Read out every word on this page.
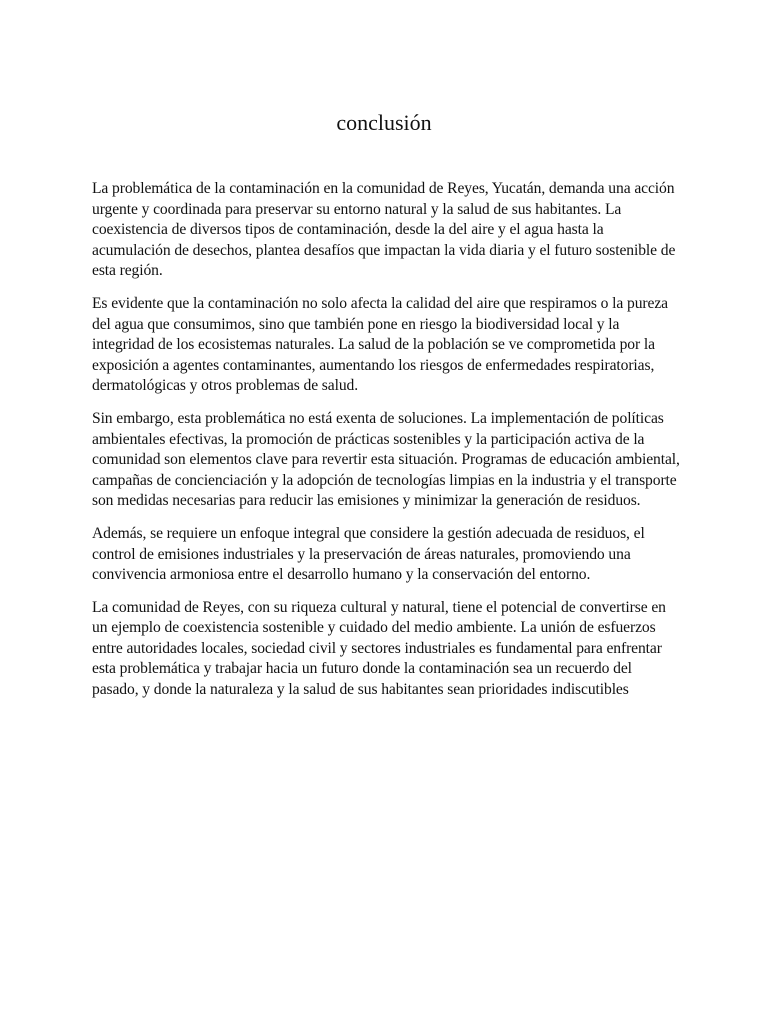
conclusión

La problemática de la contaminación en la comunidad de Reyes, Yucatán, demanda una acción urgente y coordinada para preservar su entorno natural y la salud de sus habitantes. La coexistencia de diversos tipos de contaminación, desde la del aire y el agua hasta la acumulación de desechos, plantea desafíos que impactan la vida diaria y el futuro sostenible de esta región.

Es evidente que la contaminación no solo afecta la calidad del aire que respiramos o la pureza del agua que consumimos, sino que también pone en riesgo la biodiversidad local y la integridad de los ecosistemas naturales. La salud de la población se ve comprometida por la exposición a agentes contaminantes, aumentando los riesgos de enfermedades respiratorias, dermatológicas y otros problemas de salud.

Sin embargo, esta problemática no está exenta de soluciones. La implementación de políticas ambientales efectivas, la promoción de prácticas sostenibles y la participación activa de la comunidad son elementos clave para revertir esta situación. Programas de educación ambiental, campañas de concienciación y la adopción de tecnologías limpias en la industria y el transporte son medidas necesarias para reducir las emisiones y minimizar la generación de residuos.

Además, se requiere un enfoque integral que considere la gestión adecuada de residuos, el control de emisiones industriales y la preservación de áreas naturales, promoviendo una convivencia armoniosa entre el desarrollo humano y la conservación del entorno.

La comunidad de Reyes, con su riqueza cultural y natural, tiene el potencial de convertirse en un ejemplo de coexistencia sostenible y cuidado del medio ambiente. La unión de esfuerzos entre autoridades locales, sociedad civil y sectores industriales es fundamental para enfrentar esta problemática y trabajar hacia un futuro donde la contaminación sea un recuerdo del pasado, y donde la naturaleza y la salud de sus habitantes sean prioridades indiscutibles
